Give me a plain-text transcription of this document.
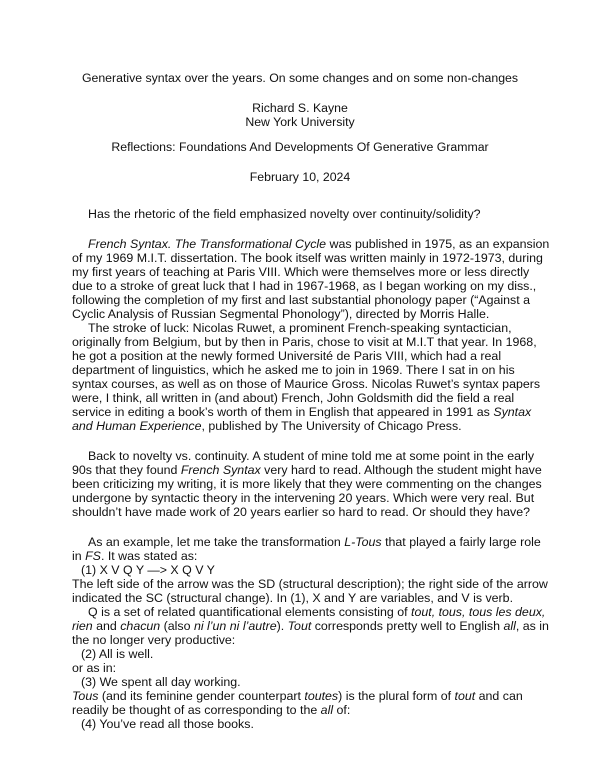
Generative syntax over the years. On some changes and on some non-changes
Richard S. Kayne
New York University
Reflections: Foundations And Developments Of Generative Grammar
February 10, 2024
Has the rhetoric of the field emphasized novelty over continuity/solidity?
French Syntax. The Transformational Cycle was published in 1975, as an expansion
of my 1969 M.I.T. dissertation. The book itself was written mainly in 1972-1973, during
my first years of teaching at Paris VIII. Which were themselves more or less directly
due to a stroke of great luck that I had in 1967-1968, as I began working on my diss.,
following the completion of my first and last substantial phonology paper (“Against a
Cyclic Analysis of Russian Segmental Phonology”), directed by Morris Halle.
The stroke of luck: Nicolas Ruwet, a prominent French-speaking syntactician,
originally from Belgium, but by then in Paris, chose to visit at M.I.T that year. In 1968,
he got a position at the newly formed Université de Paris VIII, which had a real
department of linguistics, which he asked me to join in 1969. There I sat in on his
syntax courses, as well as on those of Maurice Gross. Nicolas Ruwet’s syntax papers
were, I think, all written in (and about) French, John Goldsmith did the field a real
service in editing a book’s worth of them in English that appeared in 1991 as Syntax
and Human Experience, published by The University of Chicago Press.
Back to novelty vs. continuity. A student of mine told me at some point in the early
90s that they found French Syntax very hard to read. Although the student might have
been criticizing my writing, it is more likely that they were commenting on the changes
undergone by syntactic theory in the intervening 20 years. Which were very real. But
shouldn’t have made work of 20 years earlier so hard to read. Or should they have?
As an example, let me take the transformation L-Tous that played a fairly large role
in FS. It was stated as:
(1) X V Q Y —> X Q V Y
The left side of the arrow was the SD (structural description); the right side of the arrow
indicated the SC (structural change). In (1), X and Y are variables, and V is verb.
Q is a set of related quantificational elements consisting of tout, tous, tous les deux,
rien and chacun (also ni l’un ni l’autre). Tout corresponds pretty well to English all, as in
the no longer very productive:
(2) All is well.
or as in:
(3) We spent all day working.
Tous (and its feminine gender counterpart toutes) is the plural form of tout and can
readily be thought of as corresponding to the all of:
(4) You’ve read all those books.
